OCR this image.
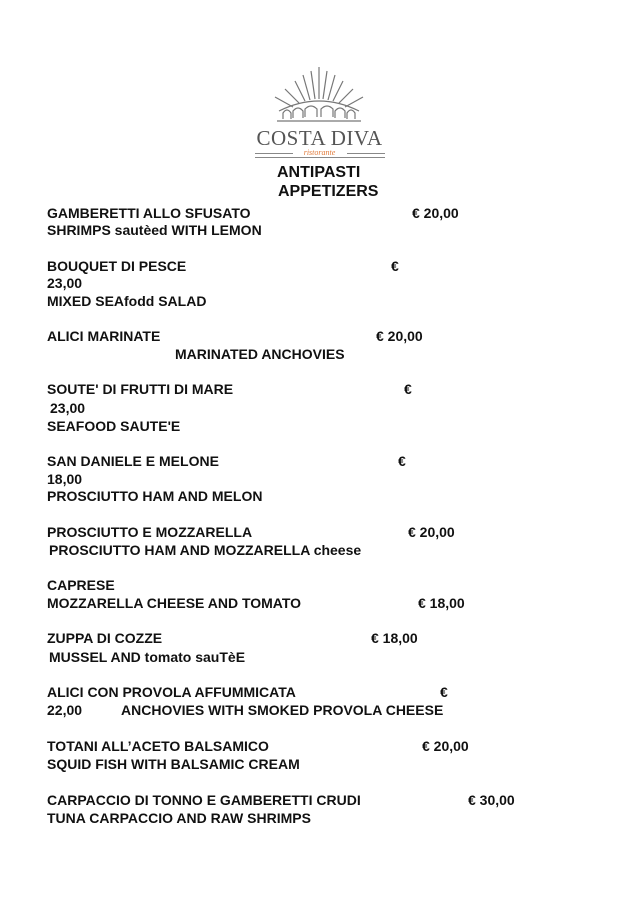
COSTA DIVA
ristorante
ANTIPASTI
APPETIZERS
GAMBERETTI ALLO SFUSATO	€ 20,00
SHRIMPS sautèed WITH LEMON
BOUQUET DI PESCE	€
23,00
MIXED SEAfodd SALAD
ALICI MARINATE	€ 20,00
MARINATED ANCHOVIES
SOUTE' DI FRUTTI DI MARE	€
23,00
SEAFOOD SAUTE'E
SAN DANIELE E MELONE	€
18,00
PROSCIUTTO HAM AND MELON
PROSCIUTTO E MOZZARELLA	€ 20,00
PROSCIUTTO HAM AND MOZZARELLA cheese
CAPRESE
MOZZARELLA CHEESE AND TOMATO	€ 18,00
ZUPPA DI COZZE	€ 18,00
MUSSEL AND tomato sauTèE
ALICI CON PROVOLA AFFUMMICATA	€
22,00	ANCHOVIES WITH SMOKED PROVOLA CHEESE
TOTANI ALL’ACETO BALSAMICO	€ 20,00
SQUID FISH WITH BALSAMIC CREAM
CARPACCIO DI TONNO E GAMBERETTI CRUDI	€ 30,00
TUNA CARPACCIO AND RAW SHRIMPS
